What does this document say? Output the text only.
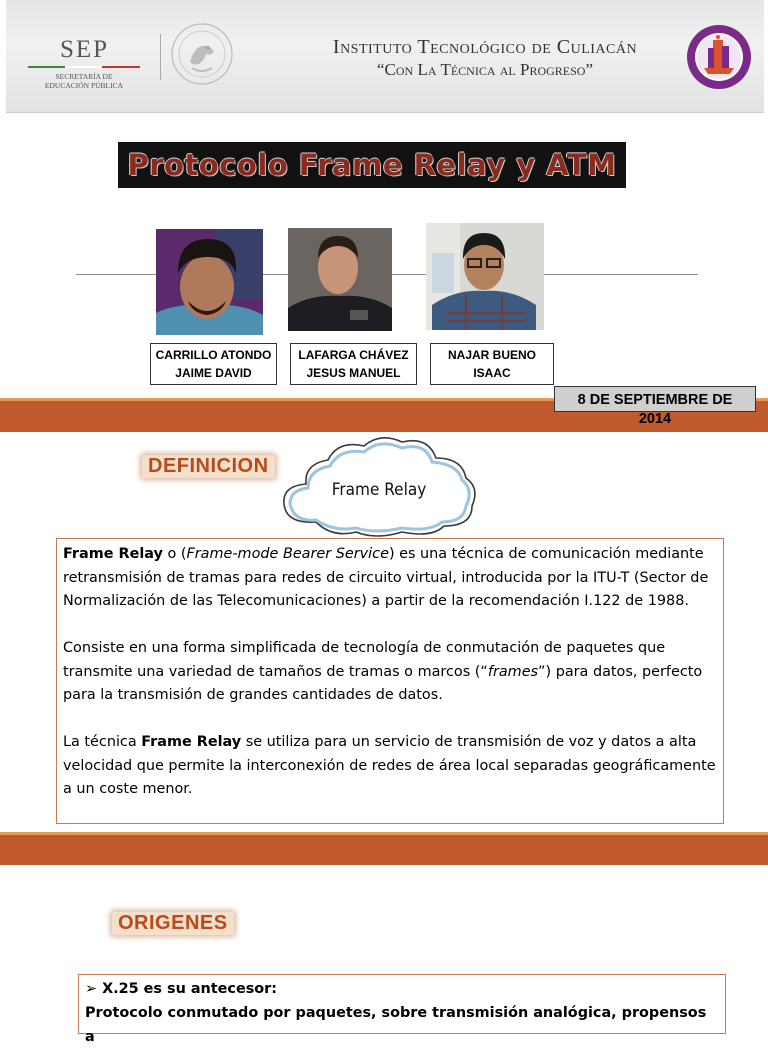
SEP
SECRETARÍA DE
EDUCACIÓN PÚBLICA
Instituto Tecnológico de Culiacán
“Con La Técnica al Progreso”
Protocolo Frame Relay y ATM
CARRILLO ATONDO
JAIME DAVID
LAFARGA CHÁVEZ
JESUS MANUEL
NAJAR BUENO
ISAAC
8 DE SEPTIEMBRE DE
2014
DEFINICION
Frame Relay

Frame Relay o (Frame-mode Bearer Service) es una técnica de comunicación mediante retransmisión de tramas para redes de circuito virtual, introducida por la ITU-T (Sector de Normalización de las Telecomunicaciones) a partir de la recomendación I.122 de 1988.

Consiste en una forma simplificada de tecnología de conmutación de paquetes que transmite una variedad de tamaños de tramas o marcos (“frames”) para datos, perfecto para la transmisión de grandes cantidades de datos.

La técnica Frame Relay se utiliza para un servicio de transmisión de voz y datos a alta velocidad que permite la interconexión de redes de área local separadas geográficamente a un coste menor.

ORIGENES
➢ X.25 es su antecesor:
Protocolo conmutado por paquetes, sobre transmisión analógica, propensos a
